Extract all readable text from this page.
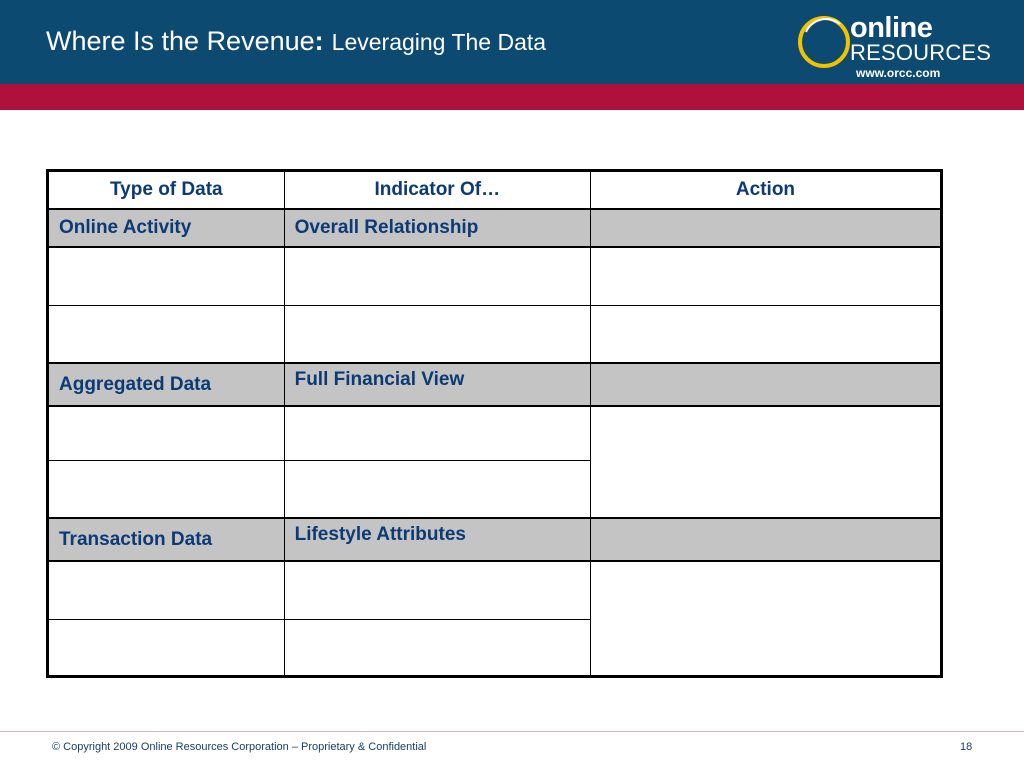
Where Is the Revenue: Leveraging The Data	online
RESOURCES
www.orcc.com
Type of Data	Indicator Of…	Action
Online Activity	Overall Relationship	

Aggregated Data	Full Financial View	

Transaction Data	Lifestyle Attributes	

© Copyright 2009 Online Resources Corporation – Proprietary & Confidential	18
